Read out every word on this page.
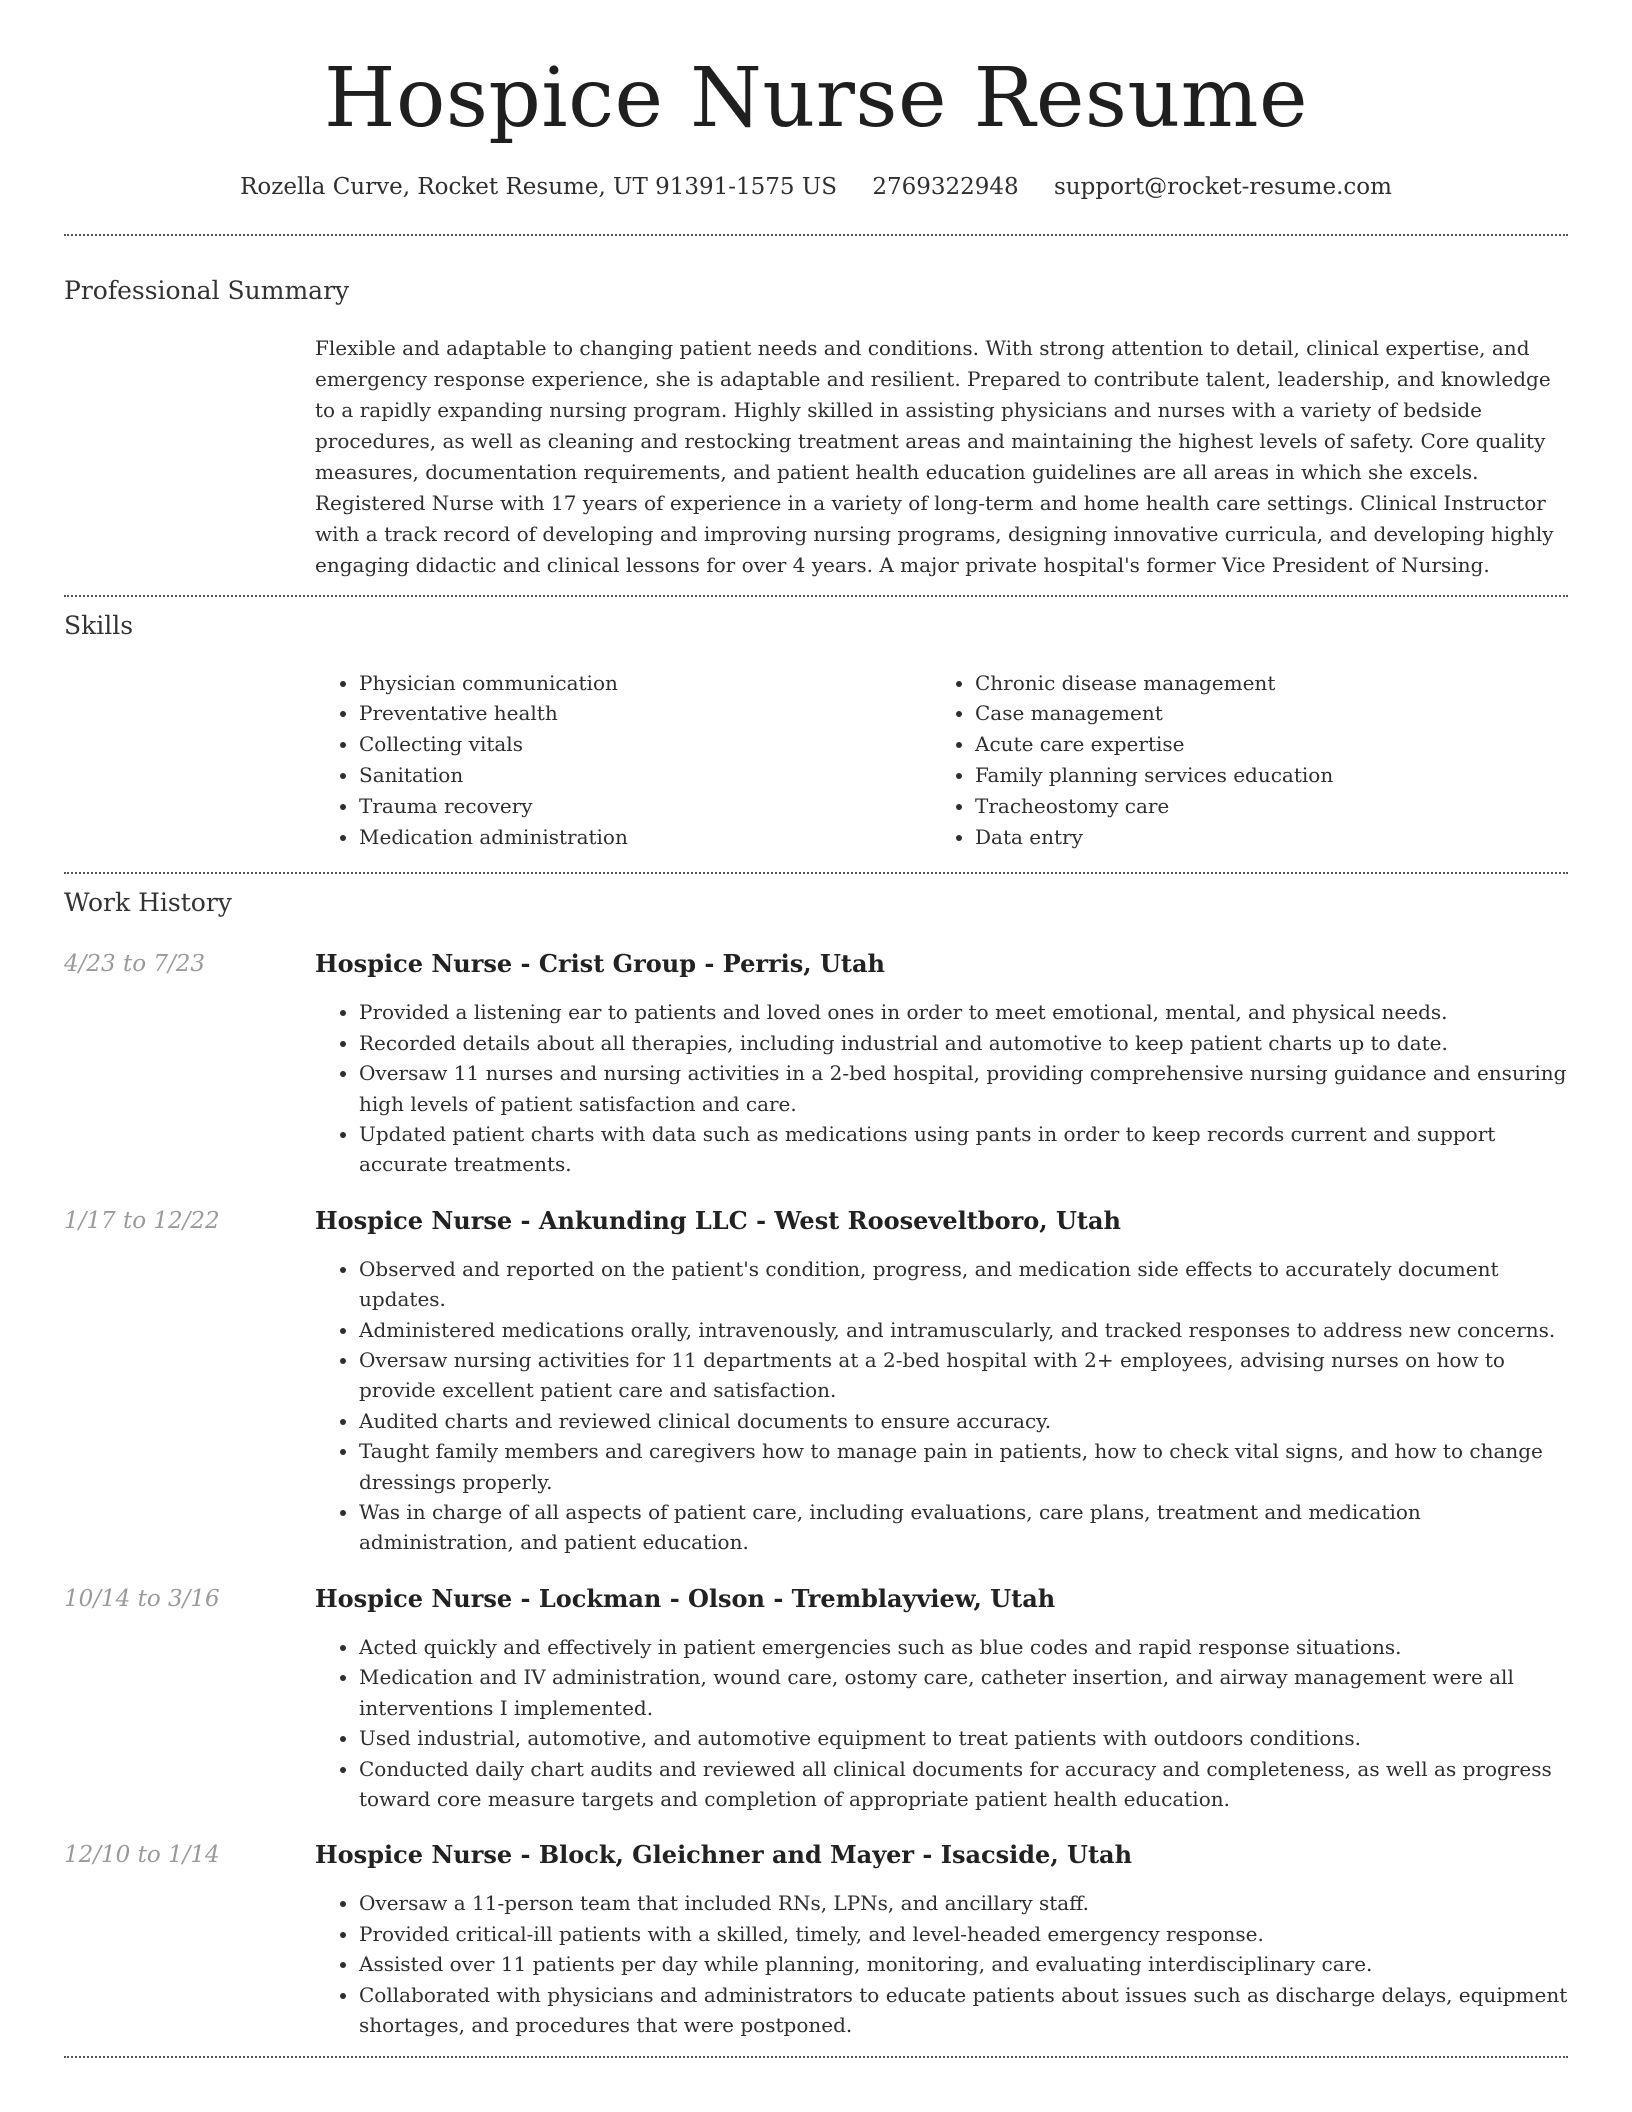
Hospice Nurse Resume
Rozella Curve, Rocket Resume, UT 91391-1575 US 2769322948 support@rocket-resume.com
Professional Summary

Flexible and adaptable to changing patient needs and conditions. With strong attention to detail, clinical expertise, and emergency response experience, she is adaptable and resilient. Prepared to contribute talent, leadership, and knowledge to a rapidly expanding nursing program. Highly skilled in assisting physicians and nurses with a variety of bedside procedures, as well as cleaning and restocking treatment areas and maintaining the highest levels of safety. Core quality measures, documentation requirements, and patient health education guidelines are all areas in which she excels. Registered Nurse with 17 years of experience in a variety of long-term and home health care settings. Clinical Instructor with a track record of developing and improving nursing programs, designing innovative curricula, and developing highly engaging didactic and clinical lessons for over 4 years. A major private hospital's former Vice President of Nursing.

Skills
• Physician communication
• Preventative health
• Collecting vitals
• Sanitation
• Trauma recovery
• Medication administration
• Chronic disease management
• Case management
• Acute care expertise
• Family planning services education
• Tracheostomy care
• Data entry
Work History
4/23 to 7/23	Hospice Nurse - Crist Group - Perris, Utah
• Provided a listening ear to patients and loved ones in order to meet emotional, mental, and physical needs.
• Recorded details about all therapies, including industrial and automotive to keep patient charts up to date.
• Oversaw 11 nurses and nursing activities in a 2-bed hospital, providing comprehensive nursing guidance and ensuring high levels of patient satisfaction and care.
• Updated patient charts with data such as medications using pants in order to keep records current and support accurate treatments.
1/17 to 12/22	Hospice Nurse - Ankunding LLC - West Rooseveltboro, Utah
• Observed and reported on the patient's condition, progress, and medication side effects to accurately document updates.
• Administered medications orally, intravenously, and intramuscularly, and tracked responses to address new concerns.
• Oversaw nursing activities for 11 departments at a 2-bed hospital with 2+ employees, advising nurses on how to provide excellent patient care and satisfaction.
• Audited charts and reviewed clinical documents to ensure accuracy.
• Taught family members and caregivers how to manage pain in patients, how to check vital signs, and how to change dressings properly.
• Was in charge of all aspects of patient care, including evaluations, care plans, treatment and medication administration, and patient education.
10/14 to 3/16	Hospice Nurse - Lockman - Olson - Tremblayview, Utah
• Acted quickly and effectively in patient emergencies such as blue codes and rapid response situations.
• Medication and IV administration, wound care, ostomy care, catheter insertion, and airway management were all interventions I implemented.
• Used industrial, automotive, and automotive equipment to treat patients with outdoors conditions.
• Conducted daily chart audits and reviewed all clinical documents for accuracy and completeness, as well as progress toward core measure targets and completion of appropriate patient health education.
12/10 to 1/14	Hospice Nurse - Block, Gleichner and Mayer - Isacside, Utah
• Oversaw a 11-person team that included RNs, LPNs, and ancillary staff.
• Provided critical-ill patients with a skilled, timely, and level-headed emergency response.
• Assisted over 11 patients per day while planning, monitoring, and evaluating interdisciplinary care.
• Collaborated with physicians and administrators to educate patients about issues such as discharge delays, equipment shortages, and procedures that were postponed.
